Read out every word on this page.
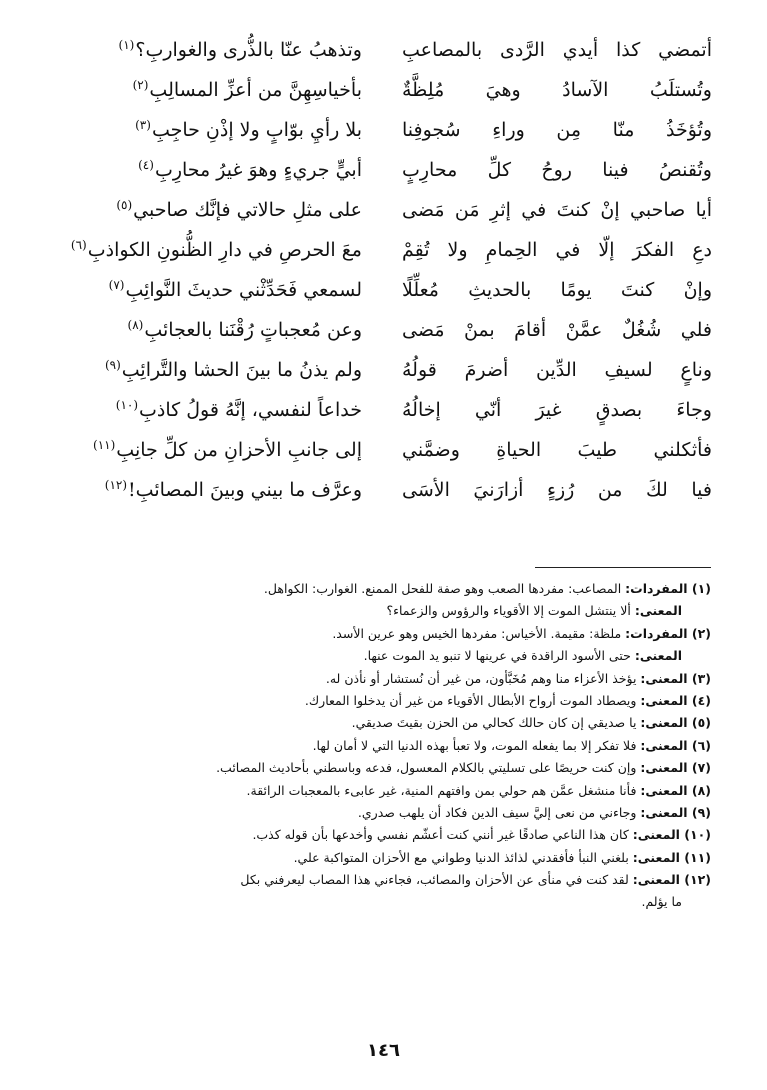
أتمضي كذا أيدي الرَّدى بالمصاعبِ
وتذهبُ عنّا بالذُّرى والغواربِ؟$^{(١)}$
وتُستلَبُ الآسادُ وهيَ مُلِظَّةٌ
بأخياسِهِنَّ من أعزِّ المسالِبِ$^{(٢)}$
وتُؤخَذُ منّا مِن وراءِ سُجوفِنا
بلا رأيِ بوّابٍ ولا إذْنِ حاجِبِ$^{(٣)}$
وتُقنصُ فينا روحُ كلِّ محارِبٍ
أبيٍّ جريءٍ وهوَ غيرُ محارِبِ$^{(٤)}$
أيا صاحبي إنْ كنتَ في إثرِ مَن مَضى
على مثلِ حالاتي فإنَّك صاحبي$^{(٥)}$
دعِ الفكرَ إلّا في الحِمامِ ولا تُقِمْ
معَ الحرصِ في دارِ الظُّنونِ الكواذبِ$^{(٦)}$
وإنْ كنتَ يومًا بالحديثِ مُعلِّلًا
لسمعي فَحَدِّثْني حديثَ النَّوائِبِ$^{(٧)}$
فلي شُغُلٌ عمَّنْ أقامَ بمنْ مَضى
وعن مُعجباتٍ رُقْنَنا بالعجائبِ$^{(٨)}$
وناعٍ لسيفِ الدِّين أضرمَ قولُهُ
ولم يذنُ ما بينَ الحشا والتَّرائِبِ$^{(٩)}$
وجاءَ بصدقٍ غيرَ أنّي إخالُهُ
خداعاً لنفسي، إنَّهُ قولُ كاذبِ$^{(١٠)}$
فأثكلني طيبَ الحياةِ وضمَّني
إلى جانبِ الأحزانِ من كلِّ جانِبِ$^{(١١)}$
فيا لكَ من رُزءٍ أزارَنيَ الأسَى
وعرَّف ما بيني وبينَ المصائبِ!$^{(١٢)}$
(١) المفردات: المصاعب: مفردها الصعب وهو صفة للفحل الممنع. الغوارب: الكواهل.
المعنى: ألا ينتشل الموت إلا الأقوياء والرؤوس والزعماء؟
(٢) المفردات: ملظة: مقيمة. الأخياس: مفردها الخيس وهو عرين الأسد.
المعنى: حتى الأسود الراقدة في عرينها لا تنبو يد الموت عنها.
(٣) المعنى: يؤخذ الأعزاء منا وهم مُخَبَّأون، من غير أن نُستشار أو نأذن له.
(٤) المعنى: ويصطاد الموت أرواح الأبطال الأقوياء من غير أن يدخلوا المعارك.
(٥) المعنى: يا صديقي إن كان حالك كحالي من الحزن بقيتَ صديقي.
(٦) المعنى: فلا تفكر إلا بما يفعله الموت، ولا تعبأ بهذه الدنيا التي لا أمان لها.
(٧) المعنى: وإن كنت حريصًا على تسليتي بالكلام المعسول، فدعه وباسطني بأحاديث المصائب.
(٨) المعنى: فأنا منشغل عمَّن هم حولي بمن وافتهم المنية، غير عابىء بالمعجبات الرائقة.
(٩) المعنى: وجاءني من نعى إليَّ سيف الدين فكاد أن يلهب صدري.
(١٠) المعنى: كان هذا الناعي صادقًا غير أنني كنت أعشّم نفسي وأخدعها بأن قوله كذب.
(١١) المعنى: بلغني النبأ فأفقدني لذائذ الدنيا وطواني مع الأحزان المتواكبة علي.
(١٢) المعنى: لقد كنت في منأى عن الأحزان والمصائب، فجاءني هذا المصاب ليعرفني بكل
ما يؤلم.
١٤٦
